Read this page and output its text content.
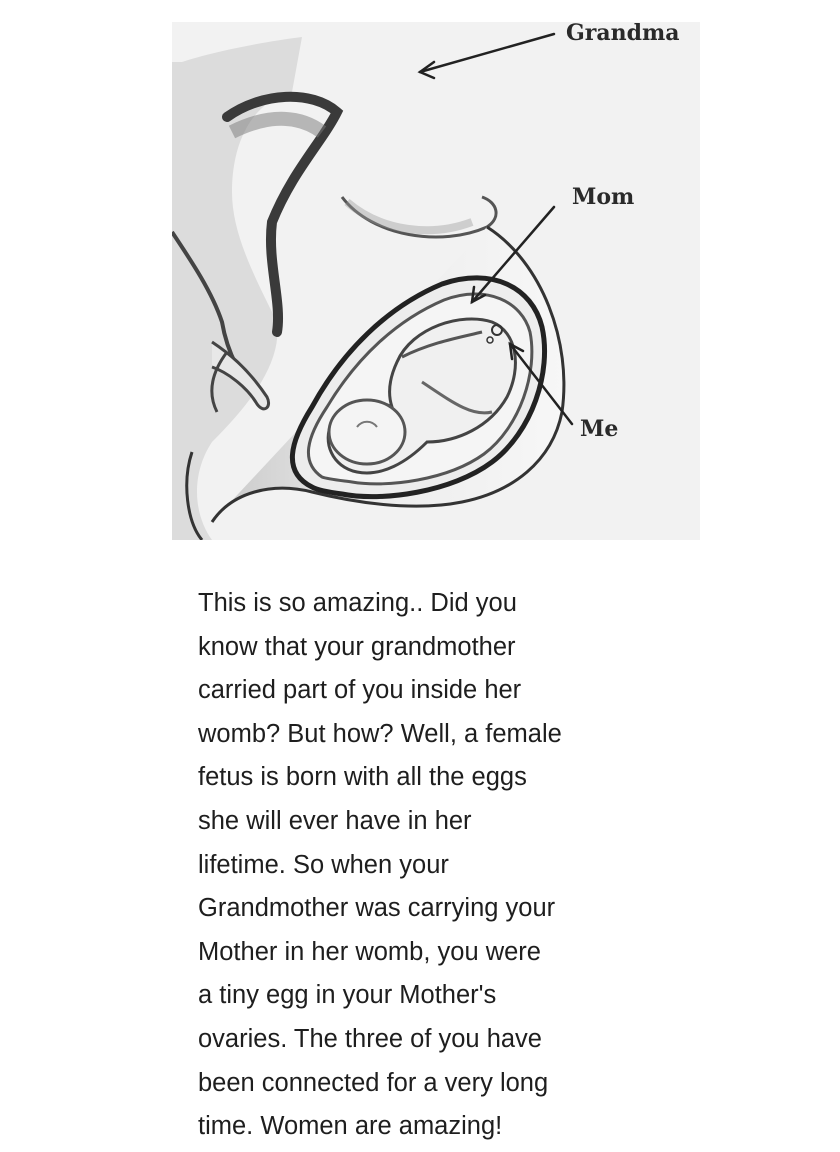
Grandma
Mom
Me

This is so amazing.. Did you
know that your grandmother
carried part of you inside her
womb? But how? Well, a female
fetus is born with all the eggs
she will ever have in her
lifetime. So when your
Grandmother was carrying your
Mother in her womb, you were
a tiny egg in your Mother's
ovaries. The three of you have
been connected for a very long
time. Women are amazing!
